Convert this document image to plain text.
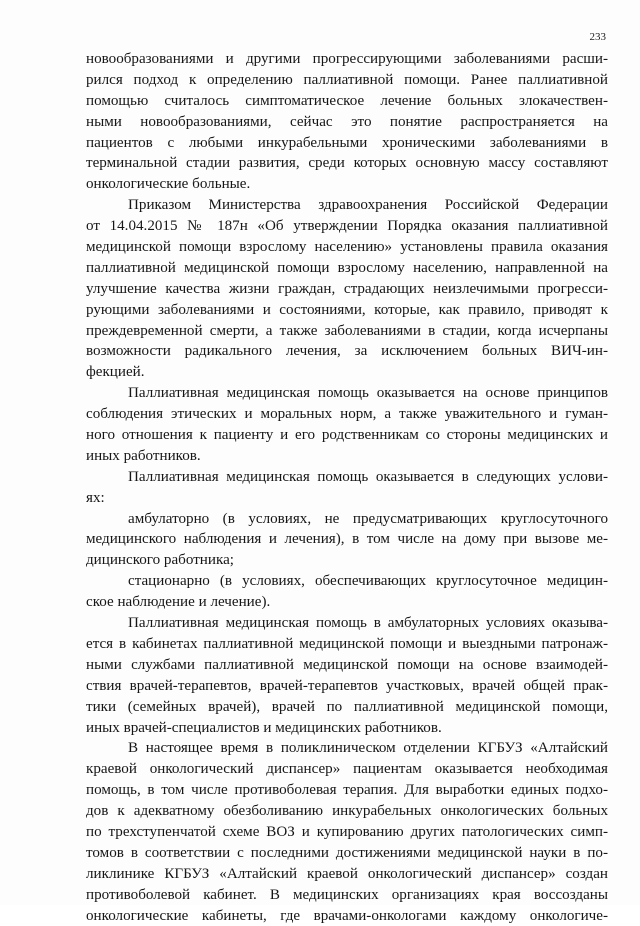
233
новообразованиями и другими прогрессирующими заболеваниями расши-
рился подход к определению паллиативной помощи. Ранее паллиативной
помощью считалось симптоматическое лечение больных злокачествен-
ными новообразованиями, сейчас это понятие распространяется на
пациентов с любыми инкурабельными хроническими заболеваниями в
терминальной стадии развития, среди которых основную массу составляют
онкологические больные.
Приказом Министерства здравоохранения Российской Федерации
от 14.04.2015 № 187н «Об утверждении Порядка оказания паллиативной
медицинской помощи взрослому населению» установлены правила оказания
паллиативной медицинской помощи взрослому населению, направленной на
улучшение качества жизни граждан, страдающих неизлечимыми прогресси-
рующими заболеваниями и состояниями, которые, как правило, приводят к
преждевременной смерти, а также заболеваниями в стадии, когда исчерпаны
возможности радикального лечения, за исключением больных ВИЧ-ин-
фекцией.
Паллиативная медицинская помощь оказывается на основе принципов
соблюдения этических и моральных норм, а также уважительного и гуман-
ного отношения к пациенту и его родственникам со стороны медицинских и
иных работников.
Паллиативная медицинская помощь оказывается в следующих услови-
ях:
амбулаторно (в условиях, не предусматривающих круглосуточного
медицинского наблюдения и лечения), в том числе на дому при вызове ме-
дицинского работника;
стационарно (в условиях, обеспечивающих круглосуточное медицин-
ское наблюдение и лечение).
Паллиативная медицинская помощь в амбулаторных условиях оказыва-
ется в кабинетах паллиативной медицинской помощи и выездными патронаж-
ными службами паллиативной медицинской помощи на основе взаимодей-
ствия врачей-терапевтов, врачей-терапевтов участковых, врачей общей прак-
тики (семейных врачей), врачей по паллиативной медицинской помощи,
иных врачей-специалистов и медицинских работников.
В настоящее время в поликлиническом отделении КГБУЗ «Алтайский
краевой онкологический диспансер» пациентам оказывается необходимая
помощь, в том числе противоболевая терапия. Для выработки единых подхо-
дов к адекватному обезболиванию инкурабельных онкологических больных
по трехступенчатой схеме ВОЗ и купированию других патологических симп-
томов в соответствии с последними достижениями медицинской науки в по-
ликлинике КГБУЗ «Алтайский краевой онкологический диспансер» создан
противоболевой кабинет. В медицинских организациях края воссозданы
онкологические кабинеты, где врачами-онкологами каждому онкологиче-
